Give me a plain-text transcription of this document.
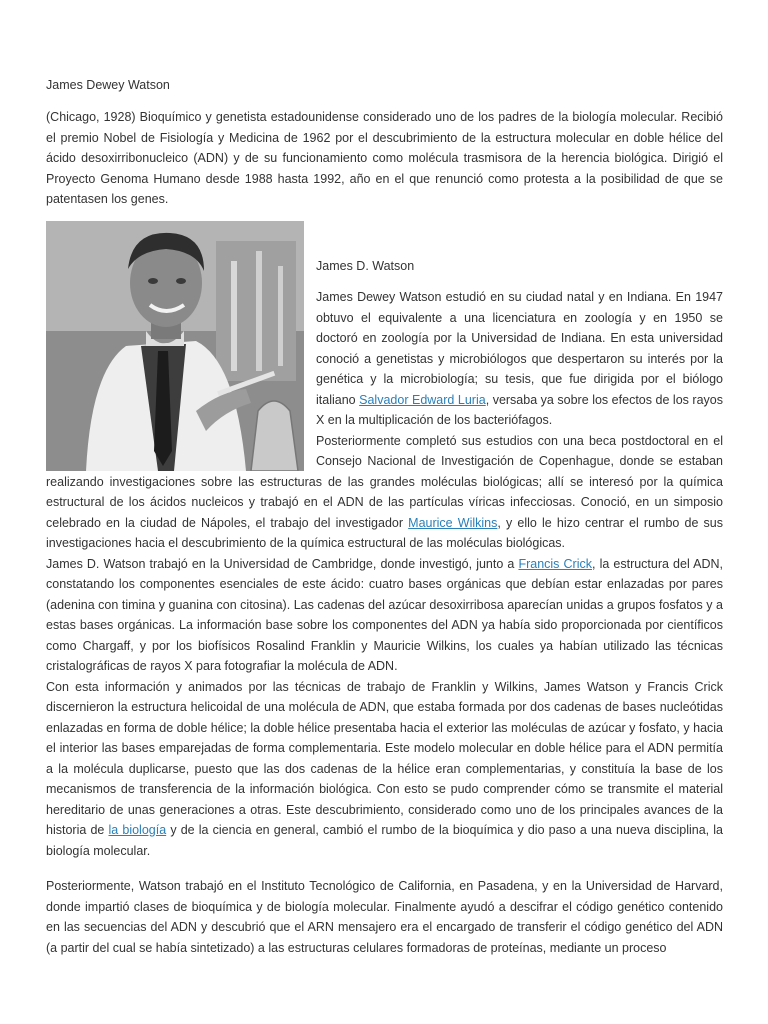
James Dewey Watson

(Chicago, 1928) Bioquímico y genetista estadounidense considerado uno de los padres de la biología molecular. Recibió el premio Nobel de Fisiología y Medicina de 1962 por el descubrimiento de la estructura molecular en doble hélice del ácido desoxirribonucleico (ADN) y de su funcionamiento como molécula trasmisora de la herencia biológica. Dirigió el Proyecto Genoma Humano desde 1988 hasta 1992, año en el que renunció como protesta a la posibilidad de que se patentasen los genes.

James D. Watson

James Dewey Watson estudió en su ciudad natal y en Indiana. En 1947 obtuvo el equivalente a una licenciatura en zoología y en 1950 se doctoró en zoología por la Universidad de Indiana. En esta universidad conoció a genetistas y microbiólogos que despertaron su interés por la genética y la microbiología; su tesis, que fue dirigida por el biólogo italiano Salvador Edward Luria, versaba ya sobre los efectos de los rayos X en la multiplicación de los bacteriófagos.

Posteriormente completó sus estudios con una beca postdoctoral en el Consejo Nacional de Investigación de Copenhague, donde se estaban realizando investigaciones sobre las estructuras de las grandes moléculas biológicas; allí se interesó por la química estructural de los ácidos nucleicos y trabajó en el ADN de las partículas víricas infecciosas. Conoció, en un simposio celebrado en la ciudad de Nápoles, el trabajo del investigador Maurice Wilkins, y ello le hizo centrar el rumbo de sus investigaciones hacia el descubrimiento de la química estructural de las moléculas biológicas.

James D. Watson trabajó en la Universidad de Cambridge, donde investigó, junto a Francis Crick, la estructura del ADN, constatando los componentes esenciales de este ácido: cuatro bases orgánicas que debían estar enlazadas por pares (adenina con timina y guanina con citosina). Las cadenas del azúcar desoxirribosa aparecían unidas a grupos fosfatos y a estas bases orgánicas. La información base sobre los componentes del ADN ya había sido proporcionada por científicos como Chargaff, y por los biofísicos Rosalind Franklin y Mauricie Wilkins, los cuales ya habían utilizado las técnicas cristalográficas de rayos X para fotografiar la molécula de ADN.

Con esta información y animados por las técnicas de trabajo de Franklin y Wilkins, James Watson y Francis Crick discernieron la estructura helicoidal de una molécula de ADN, que estaba formada por dos cadenas de bases nucleótidas enlazadas en forma de doble hélice; la doble hélice presentaba hacia el exterior las moléculas de azúcar y fosfato, y hacia el interior las bases emparejadas de forma complementaria. Este modelo molecular en doble hélice para el ADN permitía a la molécula duplicarse, puesto que las dos cadenas de la hélice eran complementarias, y constituía la base de los mecanismos de transferencia de la información biológica. Con esto se pudo comprender cómo se transmite el material hereditario de unas generaciones a otras. Este descubrimiento, considerado como uno de los principales avances de la historia de la biología y de la ciencia en general, cambió el rumbo de la bioquímica y dio paso a una nueva disciplina, la biología molecular.

Posteriormente, Watson trabajó en el Instituto Tecnológico de California, en Pasadena, y en la Universidad de Harvard, donde impartió clases de bioquímica y de biología molecular. Finalmente ayudó a descifrar el código genético contenido en las secuencias del ADN y descubrió que el ARN mensajero era el encargado de transferir el código genético del ADN (a partir del cual se había sintetizado) a las estructuras celulares formadoras de proteínas, mediante un proceso
